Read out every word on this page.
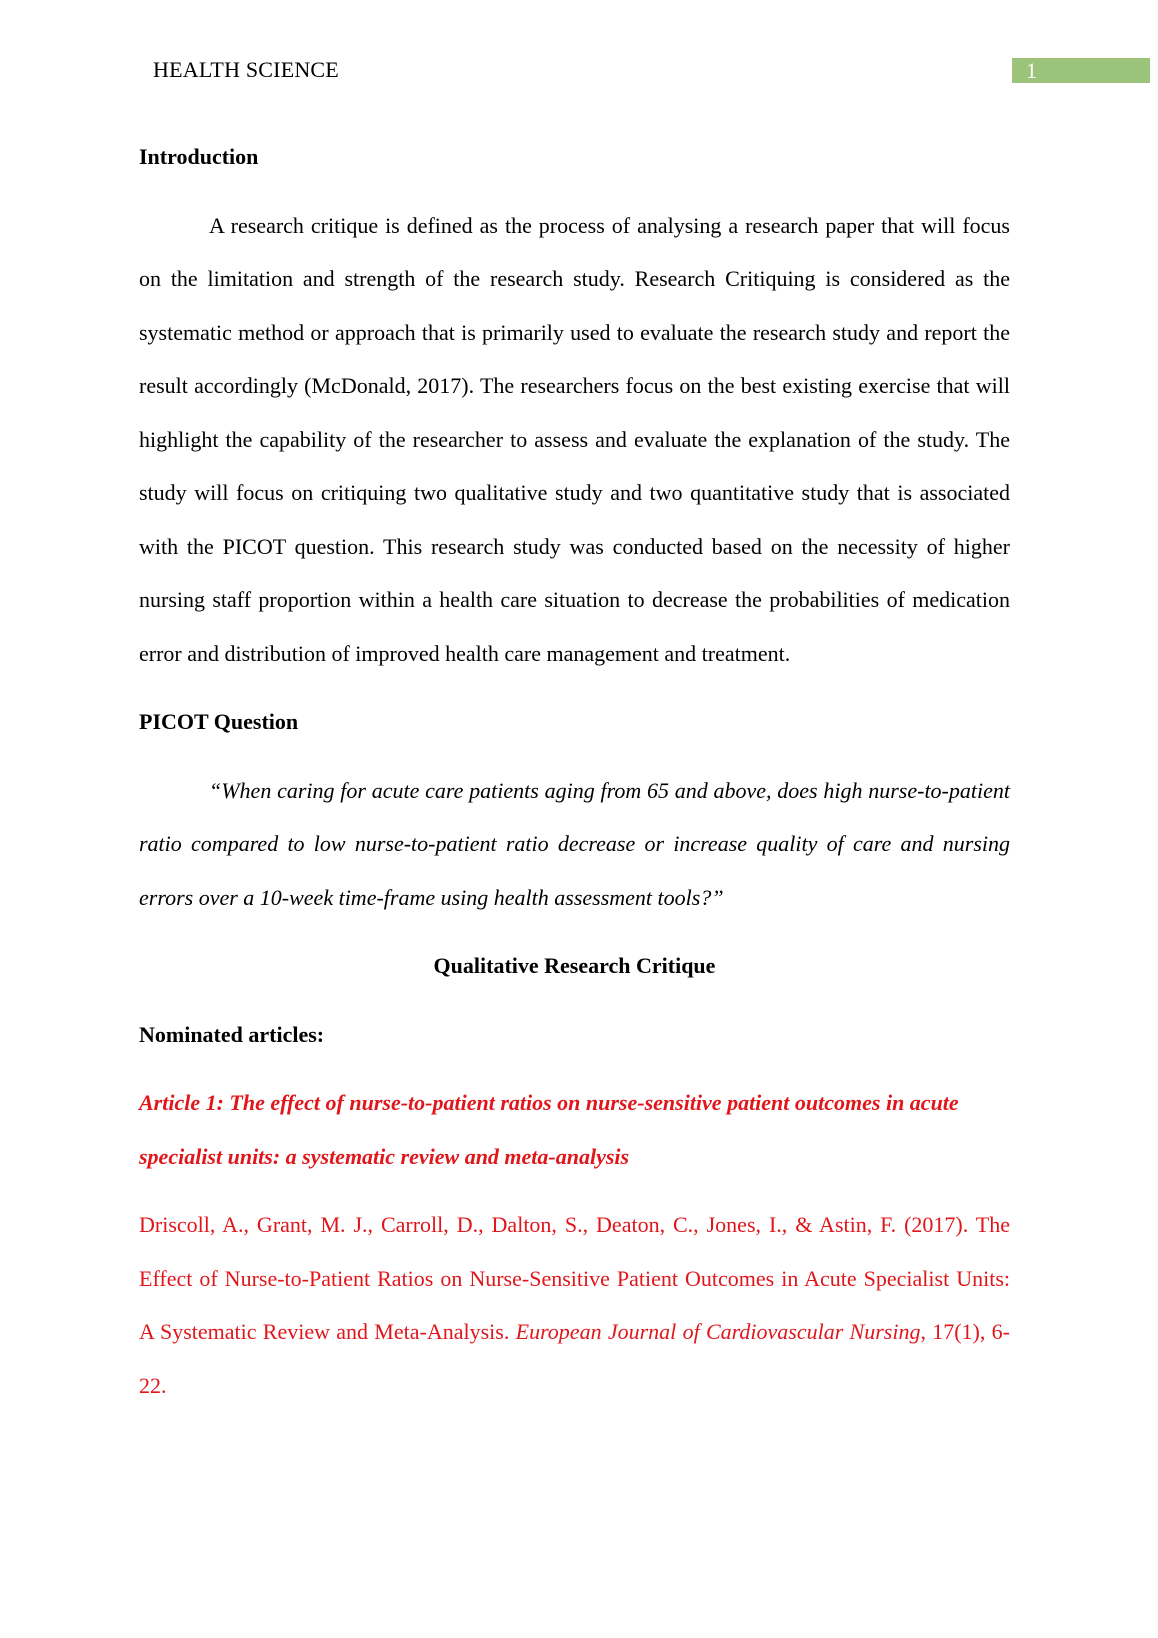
HEALTH SCIENCE	1
Introduction

A research critique is defined as the process of analysing a research paper that will focus on the limitation and strength of the research study. Research Critiquing is considered as the systematic method or approach that is primarily used to evaluate the research study and report the result accordingly (McDonald, 2017). The researchers focus on the best existing exercise that will highlight the capability of the researcher to assess and evaluate the explanation of the study. The study will focus on critiquing two qualitative study and two quantitative study that is associated with the PICOT question. This research study was conducted based on the necessity of higher nursing staff proportion within a health care situation to decrease the probabilities of medication error and distribution of improved health care management and treatment.

PICOT Question

“When caring for acute care patients aging from 65 and above, does high nurse-to-patient ratio compared to low nurse-to-patient ratio decrease or increase quality of care and nursing errors over a 10-week time-frame using health assessment tools?”

Qualitative Research Critique
Nominated articles:

Article 1: The effect of nurse-to-patient ratios on nurse-sensitive patient outcomes in acute specialist units: a systematic review and meta-analysis

Driscoll, A., Grant, M. J., Carroll, D., Dalton, S., Deaton, C., Jones, I., & Astin, F. (2017). The Effect of Nurse-to-Patient Ratios on Nurse-Sensitive Patient Outcomes in Acute Specialist Units: A Systematic Review and Meta-Analysis. European Journal of Cardiovascular Nursing, 17(1), 6-22.
